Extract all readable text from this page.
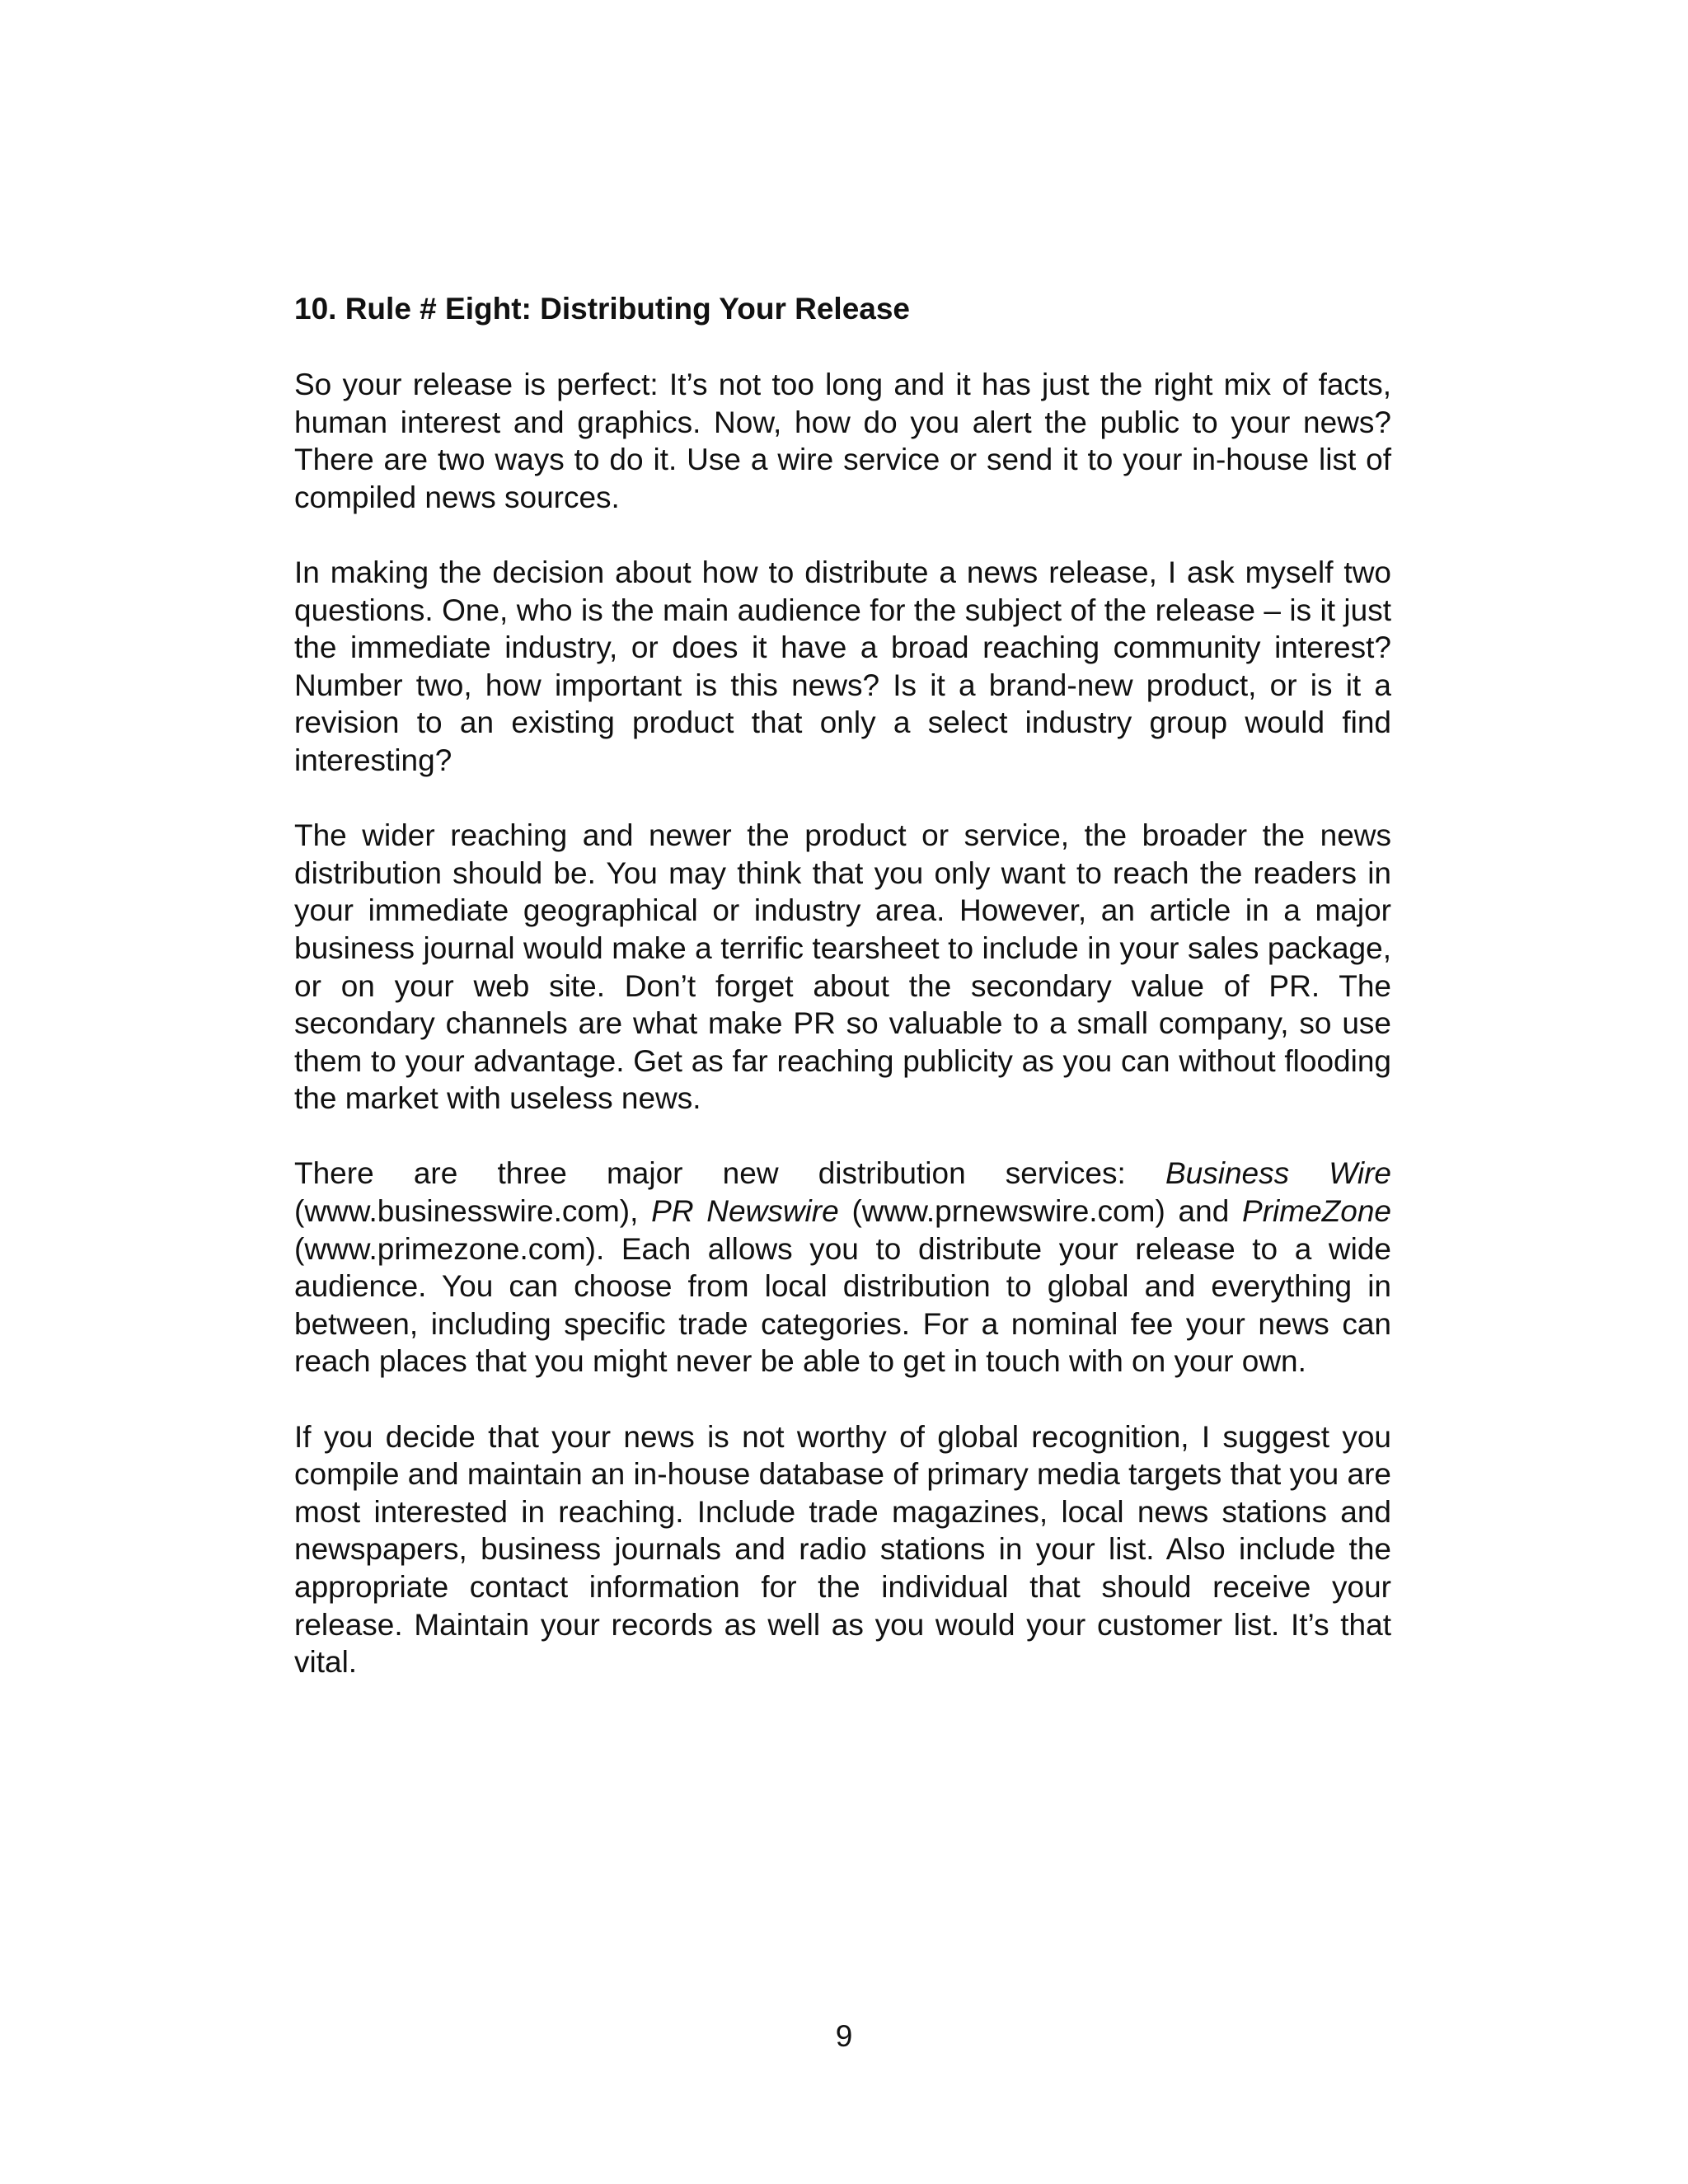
10. Rule # Eight: Distributing Your Release

So your release is perfect: It’s not too long and it has just the right mix of facts, human interest and graphics. Now, how do you alert the public to your news? There are two ways to do it. Use a wire service or send it to your in-house list of compiled news sources.

In making the decision about how to distribute a news release, I ask myself two questions. One, who is the main audience for the subject of the release – is it just the immediate industry, or does it have a broad reaching community interest? Number two, how important is this news? Is it a brand-new product, or is it a revision to an existing product that only a select industry group would find interesting?

The wider reaching and newer the product or service, the broader the news distribution should be. You may think that you only want to reach the readers in your immediate geographical or industry area. However, an article in a major business journal would make a terrific tearsheet to include in your sales package, or on your web site. Don’t forget about the secondary value of PR. The secondary channels are what make PR so valuable to a small company, so use them to your advantage. Get as far reaching publicity as you can without flooding the market with useless news.

There are three major new distribution services: Business Wire (www.businesswire.com), PR Newswire (www.prnewswire.com) and PrimeZone (www.primezone.com). Each allows you to distribute your release to a wide audience. You can choose from local distribution to global and everything in between, including specific trade categories. For a nominal fee your news can reach places that you might never be able to get in touch with on your own.

If you decide that your news is not worthy of global recognition, I suggest you compile and maintain an in-house database of primary media targets that you are most interested in reaching. Include trade magazines, local news stations and newspapers, business journals and radio stations in your list. Also include the appropriate contact information for the individual that should receive your release. Maintain your records as well as you would your customer list. It’s that vital.

9
